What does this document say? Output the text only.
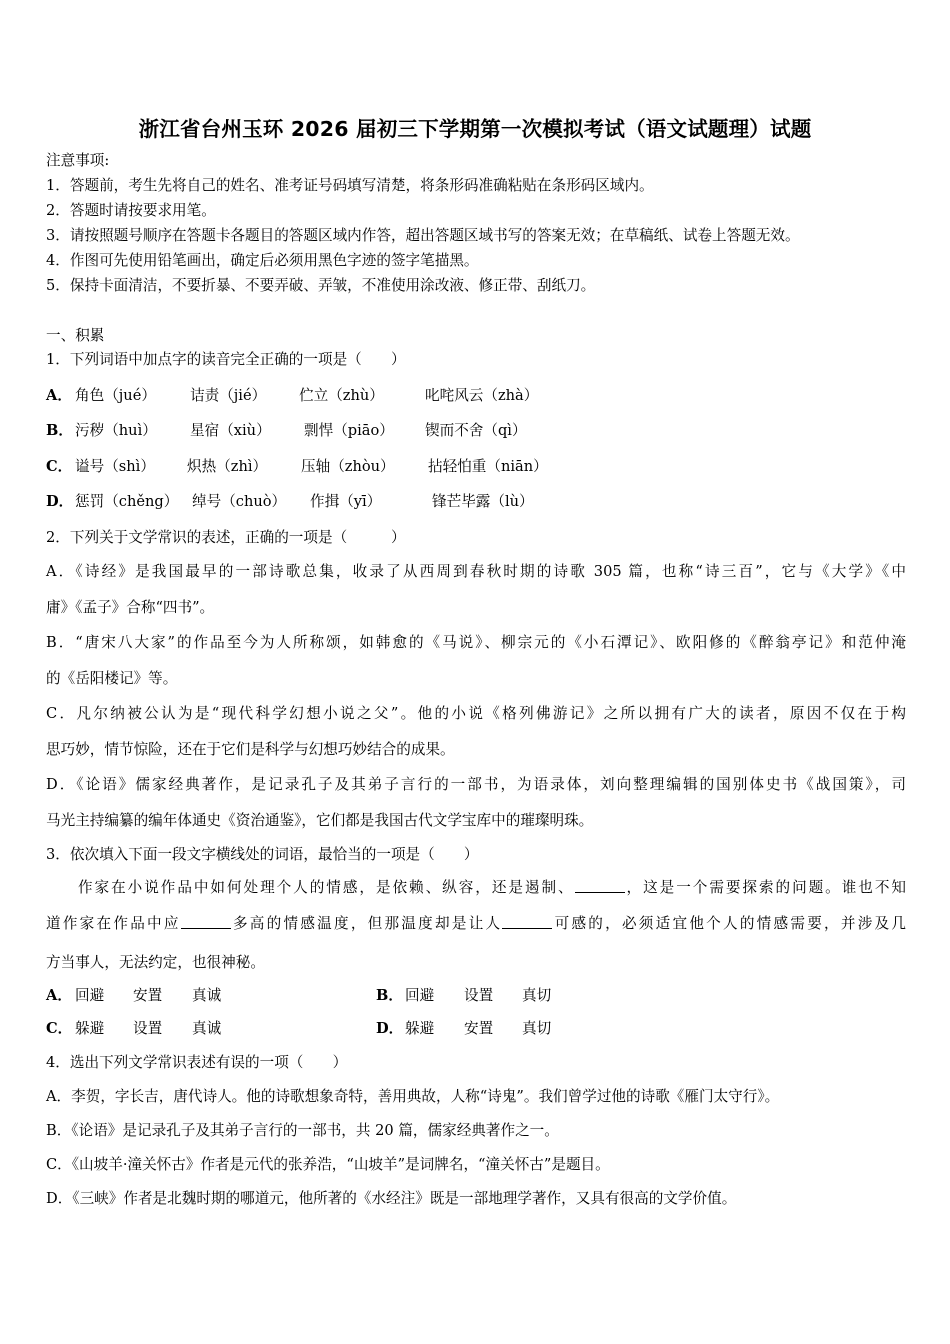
浙江省台州玉环 2026 届初三下学期第一次模拟考试（语文试题理）试题
注意事项:
1．答题前，考生先将自己的姓名、准考证号码填写清楚，将条形码准确粘贴在条形码区域内。
2．答题时请按要求用笔。
3．请按照题号顺序在答题卡各题目的答题区域内作答，超出答题区域书写的答案无效；在草稿纸、试卷上答题无效。
4．作图可先使用铅笔画出，确定后必须用黑色字迹的签字笔描黑。
5．保持卡面清洁，不要折暴、不要弄破、弄皱，不准使用涂改液、修正带、刮纸刀。
一、积累
1．下列词语中加点字的读音完全正确的一项是（　　）
A． 角色（jué） 诘责（jié） 伫立（zhù）	叱咤风云（zhà）
B． 污秽（huì） 星宿（xiù） 剽悍（piāo） 锲而不舍（qì）
C． 谥号（shì） 炽热（zhì） 压轴（zhòu） 拈轻怕重（niān）
D． 惩罚（chěng） 绰号（chuò） 作揖（yī）	锋芒毕露（lù）
2．下列关于文学常识的表述，正确的一项是（　　　）
A．《诗经》是我国最早的一部诗歌总集，收录了从西周到春秋时期的诗歌 305 篇，也称“诗三百”，它与《大学》《中
庸》《孟子》合称“四书”。
B．“唐宋八大家”的作品至今为人所称颂，如韩愈的《马说》、柳宗元的《小石潭记》、欧阳修的《醉翁亭记》和范仲淹
的《岳阳楼记》等。
C．凡尔纳被公认为是“现代科学幻想小说之父”。他的小说《格列佛游记》之所以拥有广大的读者，原因不仅在于构
思巧妙，情节惊险，还在于它们是科学与幻想巧妙结合的成果。
D．《论语》儒家经典著作，是记录孔子及其弟子言行的一部书，为语录体，刘向整理编辑的国别体史书《战国策》，司
马光主持编纂的编年体通史《资治通鉴》，它们都是我国古代文学宝库中的璀璨明珠。
3．依次填入下面一段文字横线处的词语，最恰当的一项是（　　）
作家在小说作品中如何处理个人的情感，是依赖、纵容，还是遏制、	，这是一个需要探索的问题。谁也不知
道作家在作品中应	多高的情感温度，但那温度却是让人	可感的，必须适宜他个人的情感需要，并涉及几
方当事人，无法约定，也很神秘。
A． 回避 安置 真诚	B． 回避 设置 真切
C． 躲避 设置 真诚	D． 躲避 安置 真切
4．选出下列文学常识表述有误的一项（　　）
A．李贺，字长吉，唐代诗人。他的诗歌想象奇特，善用典故，人称“诗鬼”。我们曾学过他的诗歌《雁门太守行》。
B．《论语》是记录孔子及其弟子言行的一部书，共 20 篇，儒家经典著作之一。
C．《山坡羊·潼关怀古》作者是元代的张养浩，“山坡羊”是词牌名，“潼关怀古”是题目。
D．《三峡》作者是北魏时期的哪道元，他所著的《水经注》既是一部地理学著作，又具有很高的文学价值。
